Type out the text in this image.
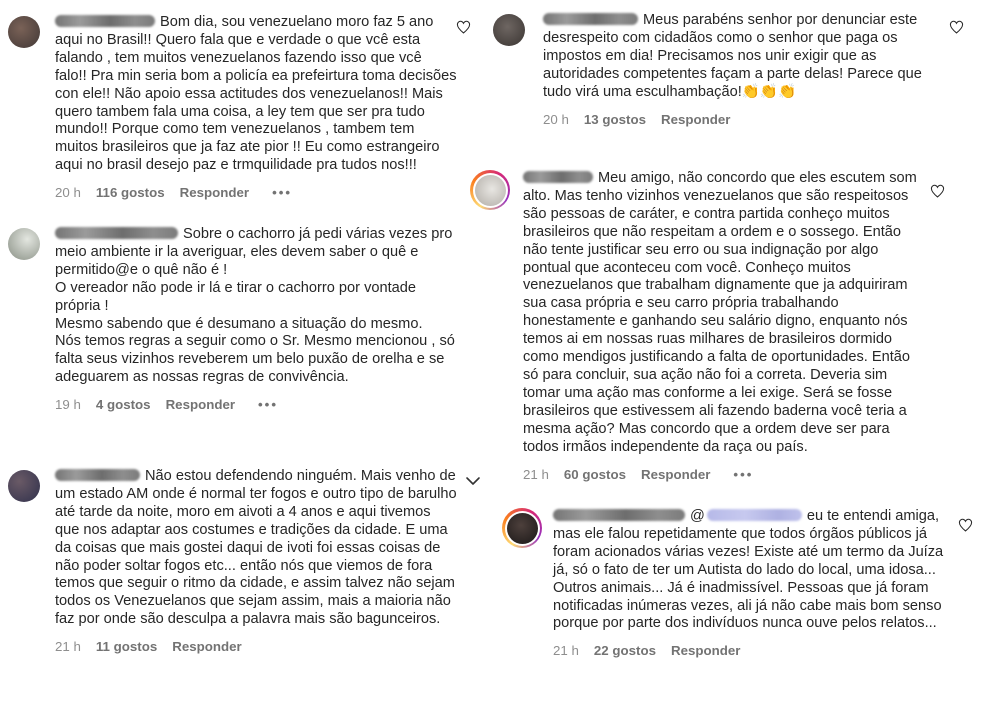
Bom dia, sou venezuelano moro faz 5 ano aqui no Brasil!! Quero fala que e verdade o que vcê esta falando , tem muitos venezuelanos fazendo isso que vcê falo!! Pra min seria bom a policía ea prefeirtura toma decisões con ele!! Não apoio essa actitudes dos venezuelanos!! Mais quero tambem fala uma coisa, a ley tem que ser pra tudo mundo!! Porque como tem venezuelanos , tambem tem muitos brasileiros que ja faz ate pior !! Eu como estrangeiro aqui no brasil desejo paz e trmquilidade pra tudos nos!!!

20 h 116 gostos Responder •••

Sobre o cachorro já pedi várias vezes pro meio ambiente ir la averiguar, eles devem saber o quê e permitido@e o quê não é !

O vereador não pode ir lá e tirar o cachorro por vontade própria !

Mesmo sabendo que é desumano a situação do mesmo.

Nós temos regras a seguir como o Sr. Mesmo mencionou , só falta seus vizinhos reveberem um belo puxão de orelha e se adeguarem as nossas regras de convivência.

19 h 4 gostos Responder •••

Não estou defendendo ninguém. Mais venho de um estado AM onde é normal ter fogos e outro tipo de barulho até tarde da noite, moro em aivoti a 4 anos e aqui tivemos que nos adaptar aos costumes e tradições da cidade. E uma da coisas que mais gostei daqui de ivoti foi essas coisas de não poder soltar fogos etc... então nós que viemos de fora temos que seguir o ritmo da cidade, e assim talvez não sejam todos os Venezuelanos que sejam assim, mais a maioria não faz por onde são desculpa a palavra mais são bagunceiros.

21 h 11 gostos Responder

Meus parabéns senhor por denunciar este desrespeito com cidadãos como o senhor que paga os impostos em dia! Precisamos nos unir exigir que as autoridades competentes façam a parte delas! Parece que tudo virá uma esculhambação!👏👏👏

20 h 13 gostos Responder

Meu amigo, não concordo que eles escutem som alto. Mas tenho vizinhos venezuelanos que são respeitosos são pessoas de caráter, e contra partida conheço muitos brasileiros que não respeitam a ordem e o sossego. Então não tente justificar seu erro ou sua indignação por algo pontual que aconteceu com você. Conheço muitos venezuelanos que trabalham dignamente que ja adquiriram sua casa própria e seu carro própria trabalhando honestamente e ganhando seu salário digno, enquanto nós temos ai em nossas ruas milhares de brasileiros dormido como mendigos justificando a falta de oportunidades. Então só para concluir, sua ação não foi a correta. Deveria sim tomar uma ação mas conforme a lei exige. Será se fosse brasileiros que estivessem ali fazendo baderna você teria a mesma ação? Mas concordo que a ordem deve ser para todos irmãos independente da raça ou país.

21 h 60 gostos Responder •••

@	eu te entendi amiga, mas ele falou repetidamente que todos órgãos públicos já foram acionados várias vezes! Existe até um termo da Juíza já, só o fato de ter um Autista do lado do local, uma idosa... Outros animais... Já é inadmissível. Pessoas que já foram notificadas inúmeras vezes, ali já não cabe mais bom senso porque por parte dos indivíduos nunca ouve pelos relatos...

21 h 22 gostos Responder
